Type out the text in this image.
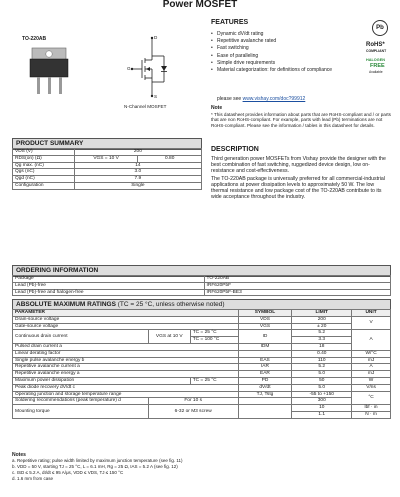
Power MOSFET
TO-220AB	D
G
S
N-Channel MOSFET
FEATURES
• Dynamic dV/dt rating
• Repetitive avalanche rated
• Fast switching
• Ease of paralleling
• Simple drive requirements
• Material categorization: for definitions of compliance
please see www.vishay.com/doc?99912
Pb
RoHS*
COMPLIANT
HALOGEN
FREE
Available
Note
* This datasheet provides information about parts that are RoHS-compliant and / or parts that are non RoHS-compliant. For example, parts with lead (Pb) terminations are not RoHS-compliant. Please see the information / tables in this datasheet for details.
DESCRIPTION

Third generation power MOSFETs from Vishay provide the designer with the best combination of fast switching, ruggedized device design, low on-resistance and cost-effectiveness.

The TO-220AB package is universally preferred for all commercial-industrial applications at power dissipation levels to approximately 50 W. The low thermal resistance and low package cost of the TO-220AB contribute to its wide acceptance throughout the industry.

PRODUCT SUMMARY
VDS (V)	200	
RDS(on) (Ω)	VGS = 10 V	0.80
Qg max. (nC)	14	
Qgs (nC)	3.0	
Qgd (nC)	7.9	
Configuration	Single	
ORDERING INFORMATION
Package	TO-220AB
Lead (Pb)-free	IRF620PbF
Lead (Pb)-free and halogen-free	IRF620PbF-BE3
ABSOLUTE MAXIMUM RATINGS (TC = 25 °C, unless otherwise noted)
PARAMETER			SYMBOL	LIMIT	UNIT
Drain-source voltage			VDS	200	V
Gate-source voltage			VGS	± 20	
Continuous drain current	VGS at 10 V	TC = 25 °C	ID	5.2	A
		TC = 100 °C		3.3	
Pulsed drain current a			IDM	18	
Linear derating factor				0.40	W/°C
Single pulse avalanche energy b			EAS	110	mJ
Repetitive avalanche current a			IAR	5.2	A
Repetitive avalanche energy a			EAR	5.0	mJ
Maximum power dissipation		TC = 25 °C	PD	50	W
Peak diode recovery dV/dt c			dV/dt	5.0	V/ns
Operating junction and storage temperature range			TJ, Tstg	-55 to +150	°C
Soldering recommendations (peak temperature) d	For 10 s			300	
Mounting torque	6-32 or M3 screw			10	lbf · in
				1.1	N · m
Notes
a. Repetitive rating; pulse width limited by maximum junction temperature (see fig. 11)
b. VDD = 50 V, starting TJ = 25 °C, L = 6.1 mH, Rg = 25 Ω, IAS = 5.2 A (see fig. 12)
c. ISD ≤ 5.2 A, dI/dt ≤ 95 A/μs, VDD ≤ VDS, TJ ≤ 150 °C
d. 1.6 mm from case
